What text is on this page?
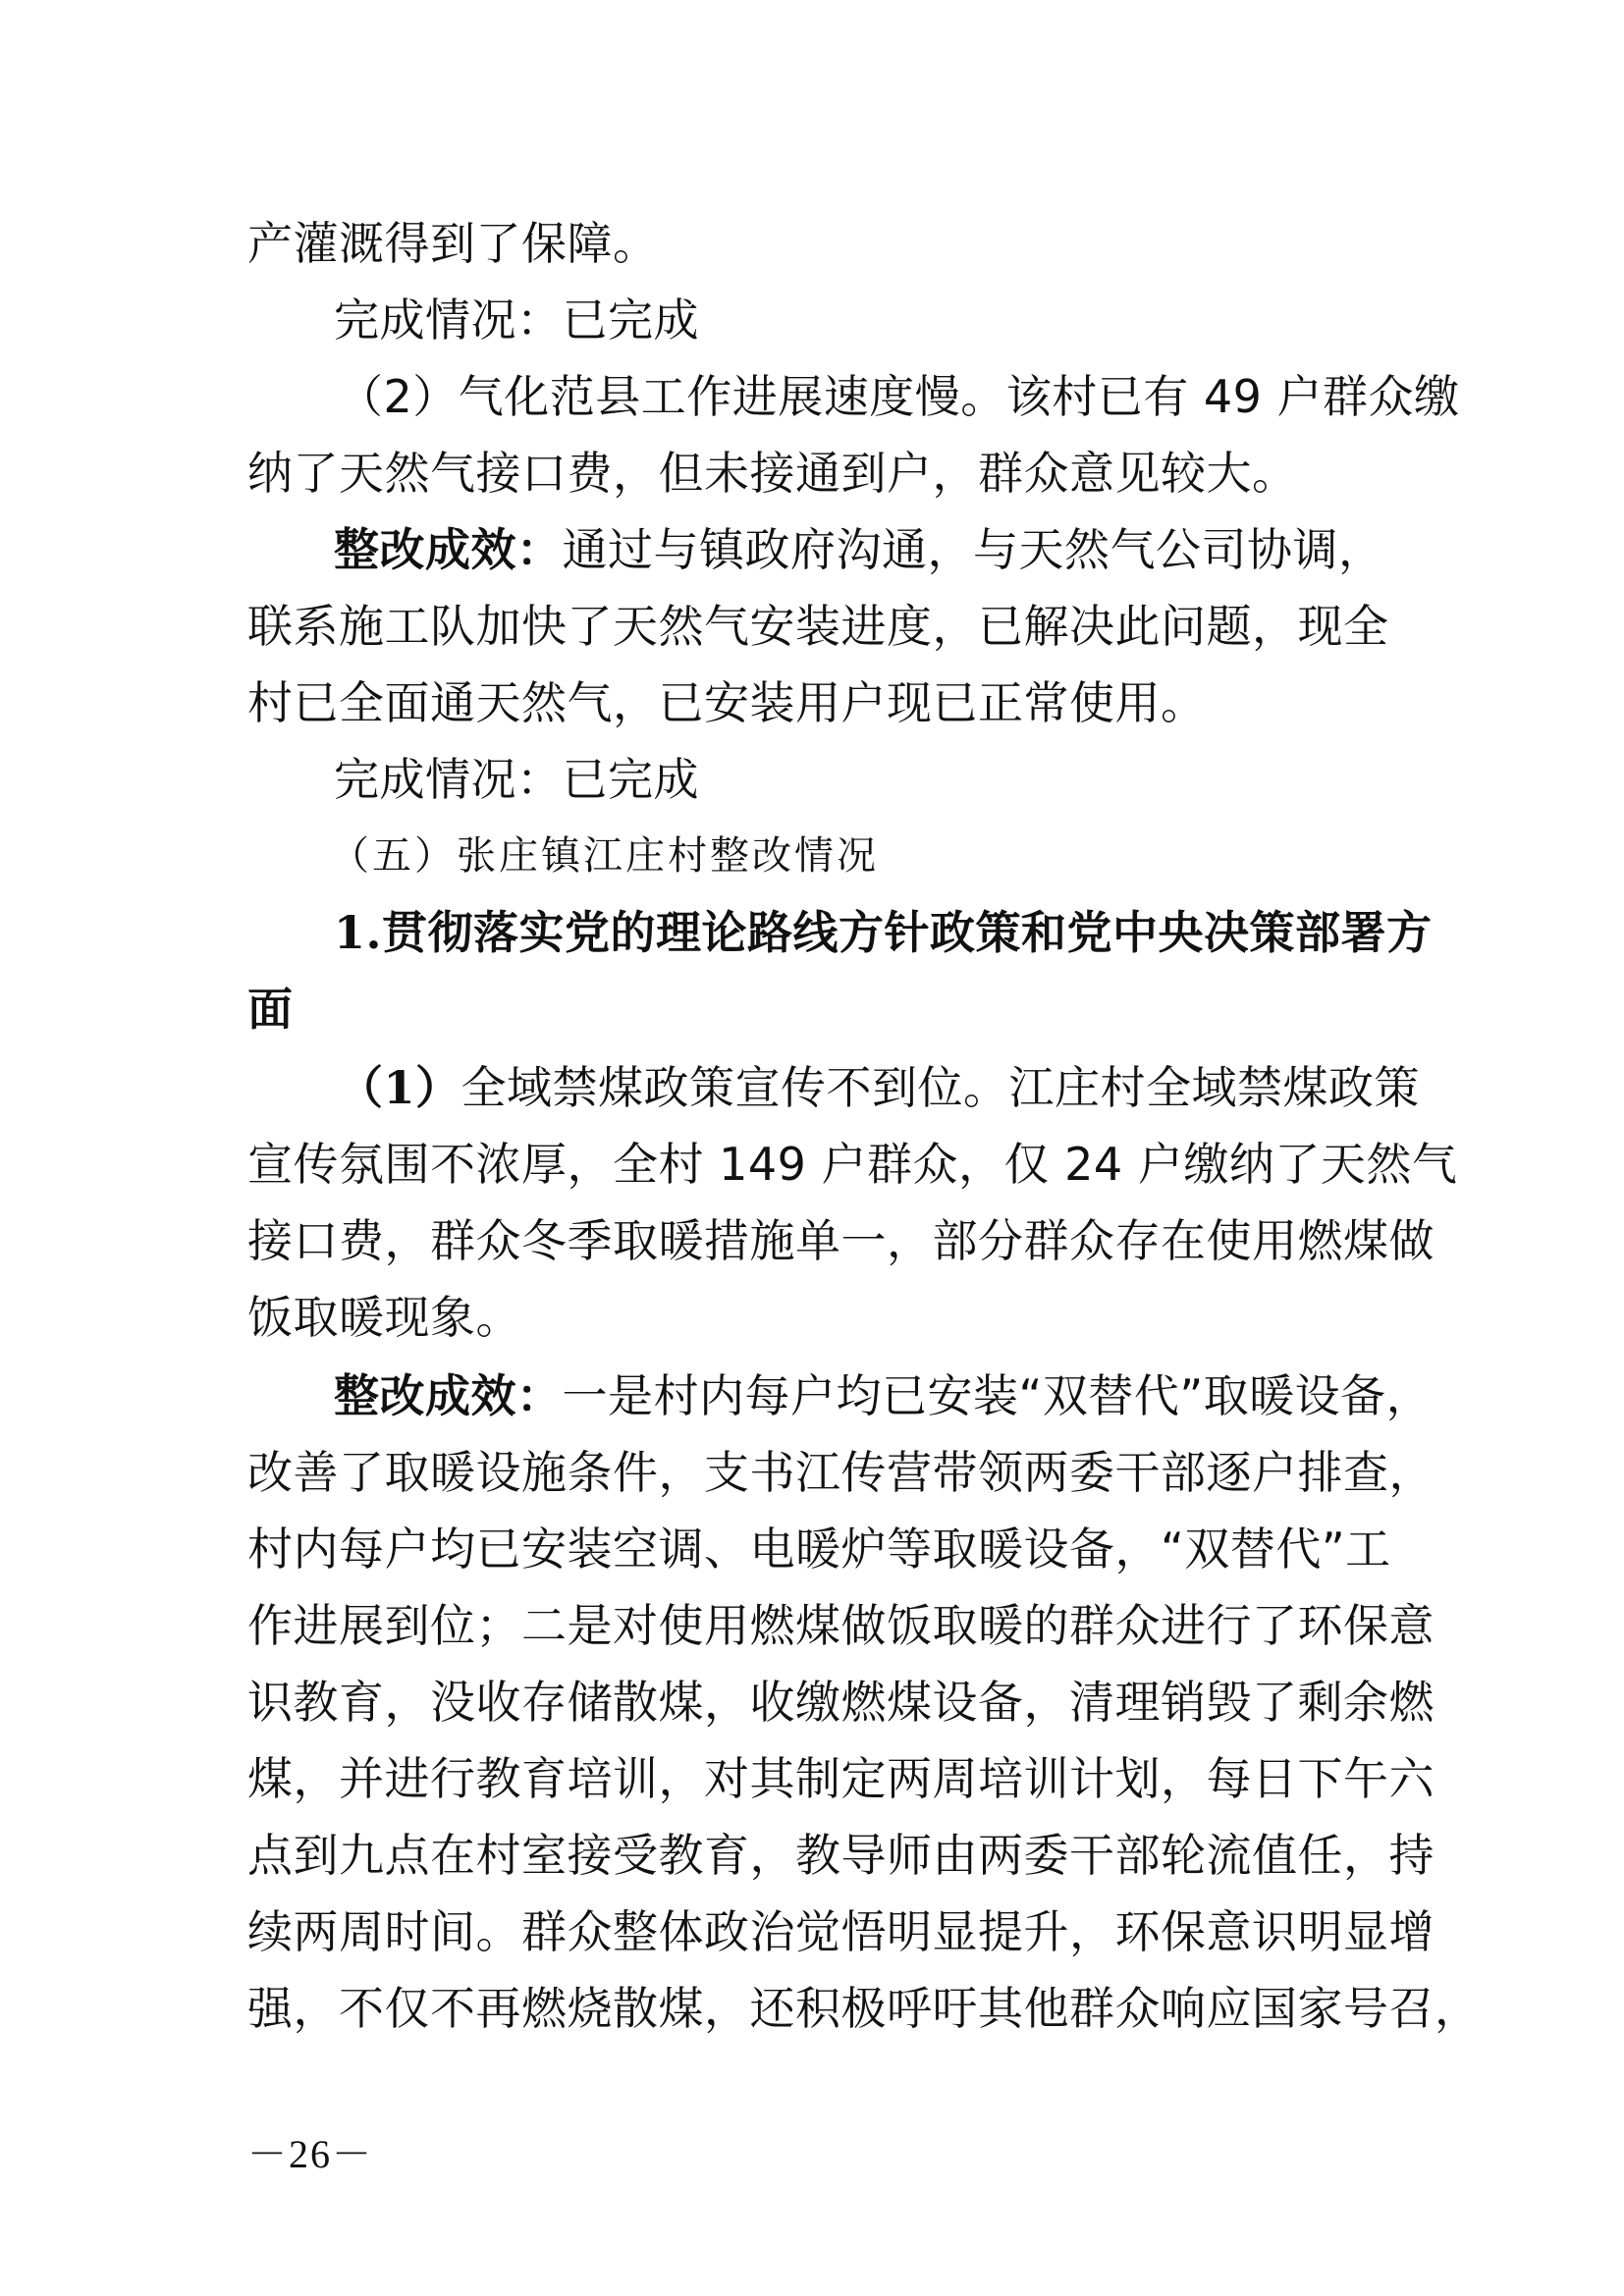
产灌溉得到了保障。
完成情况：已完成
（2）气化范县工作进展速度慢。该村已有 49 户群众缴
纳了天然气接口费，但未接通到户，群众意见较大。
整改成效：通过与镇政府沟通，与天然气公司协调，
联系施工队加快了天然气安装进度，已解决此问题，现全
村已全面通天然气，已安装用户现已正常使用。
完成情况：已完成
（五）张庄镇江庄村整改情况
1.贯彻落实党的理论路线方针政策和党中央决策部署方
面
（1）全域禁煤政策宣传不到位。江庄村全域禁煤政策
宣传氛围不浓厚，全村 149 户群众，仅 24 户缴纳了天然气
接口费，群众冬季取暖措施单一，部分群众存在使用燃煤做
饭取暖现象。
整改成效：一是村内每户均已安装“双替代”取暖设备，
改善了取暖设施条件，支书江传营带领两委干部逐户排查，
村内每户均已安装空调、电暖炉等取暖设备，“双替代”工
作进展到位；二是对使用燃煤做饭取暖的群众进行了环保意
识教育，没收存储散煤，收缴燃煤设备，清理销毁了剩余燃
煤，并进行教育培训，对其制定两周培训计划，每日下午六
点到九点在村室接受教育，教导师由两委干部轮流值任，持
续两周时间。群众整体政治觉悟明显提升，环保意识明显增
强，不仅不再燃烧散煤，还积极呼吁其他群众响应国家号召，
－26－
